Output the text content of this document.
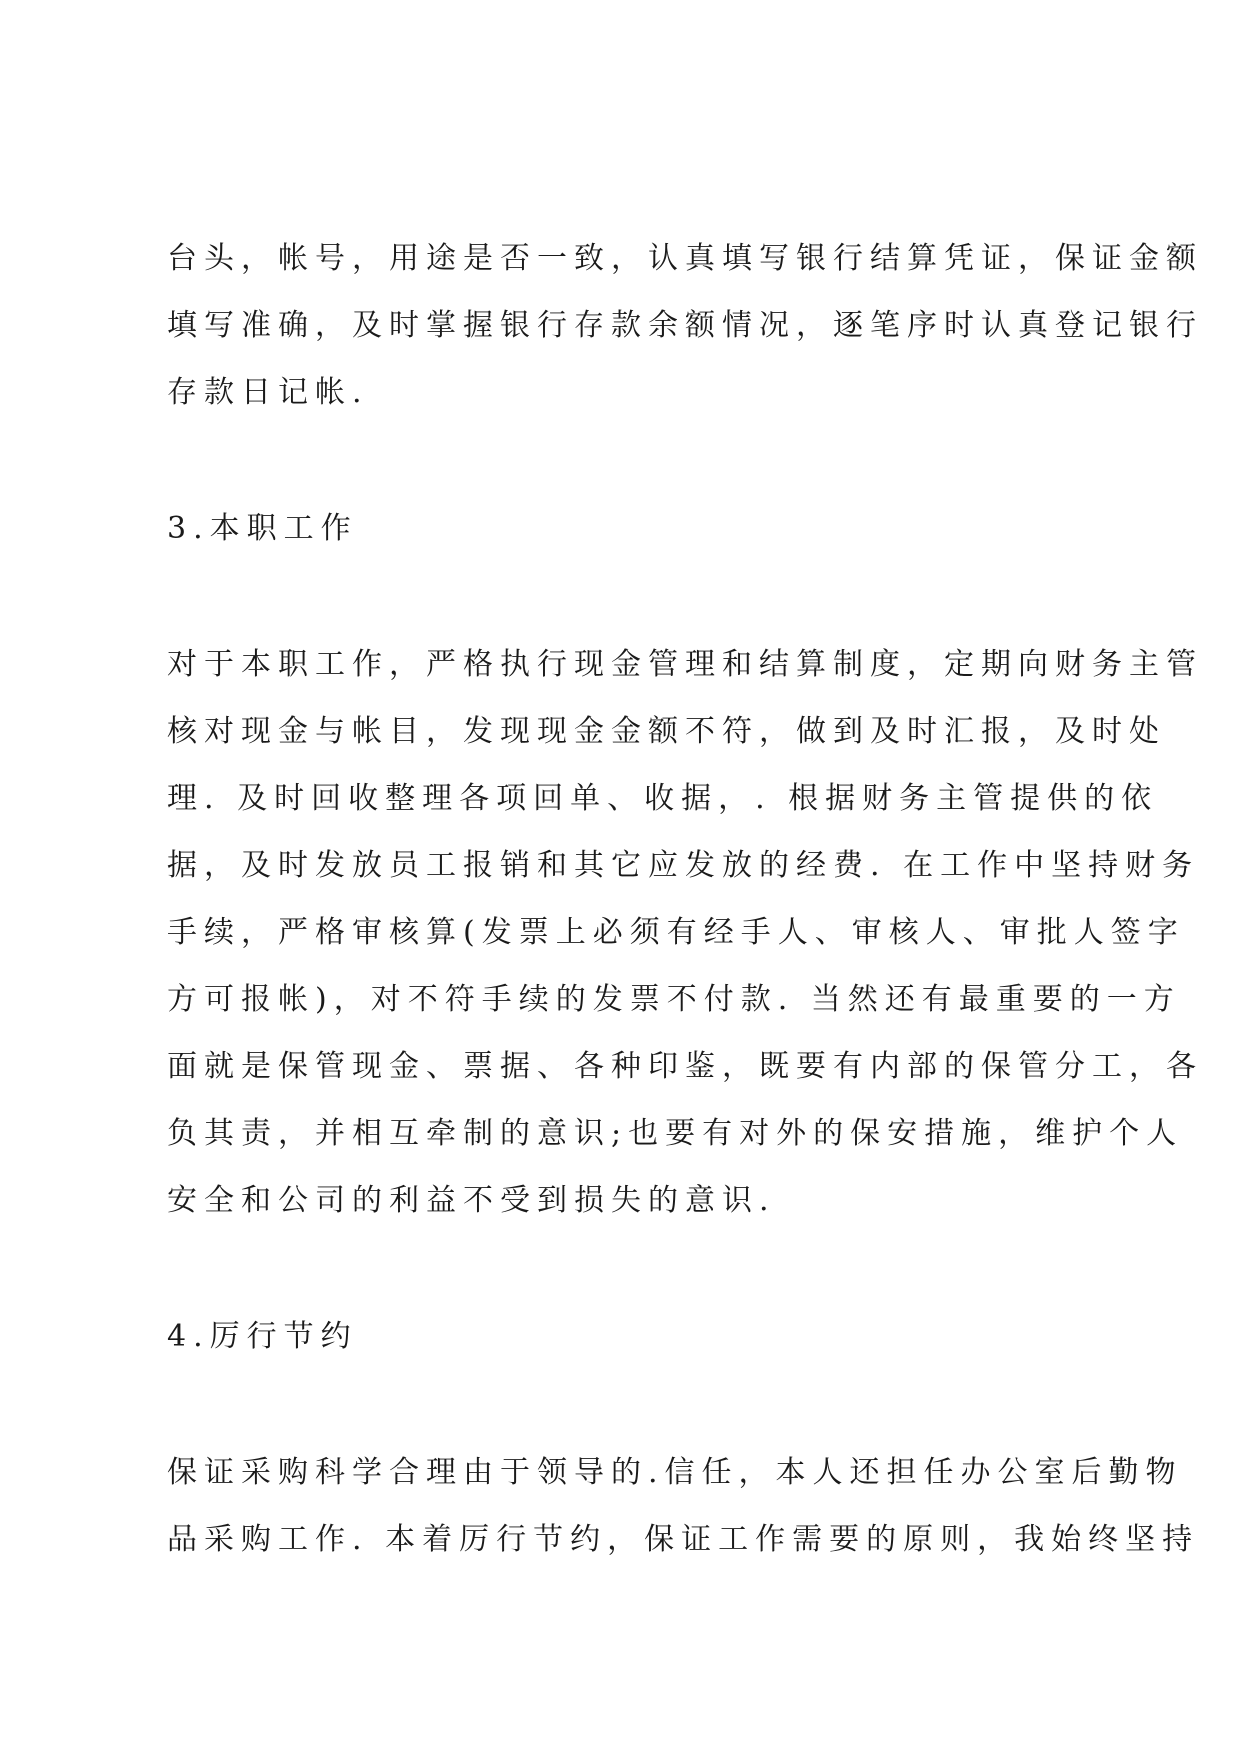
台头，帐号，用途是否一致，认真填写银行结算凭证，保证金额
填写准确，及时掌握银行存款余额情况，逐笔序时认真登记银行
存款日记帐.
3.本职工作
对于本职工作，严格执行现金管理和结算制度，定期向财务主管
核对现金与帐目，发现现金金额不符，做到及时汇报，及时处
理. 及时回收整理各项回单、收据，. 根据财务主管提供的依
据，及时发放员工报销和其它应发放的经费. 在工作中坚持财务
手续，严格审核算(发票上必须有经手人、审核人、审批人签字
方可报帐)，对不符手续的发票不付款. 当然还有最重要的一方
面就是保管现金、票据、各种印鉴，既要有内部的保管分工，各
负其责，并相互牵制的意识;也要有对外的保安措施，维护个人
安全和公司的利益不受到损失的意识.
4.厉行节约
保证采购科学合理由于领导的.信任，本人还担任办公室后勤物
品采购工作. 本着厉行节约，保证工作需要的原则，我始终坚持
